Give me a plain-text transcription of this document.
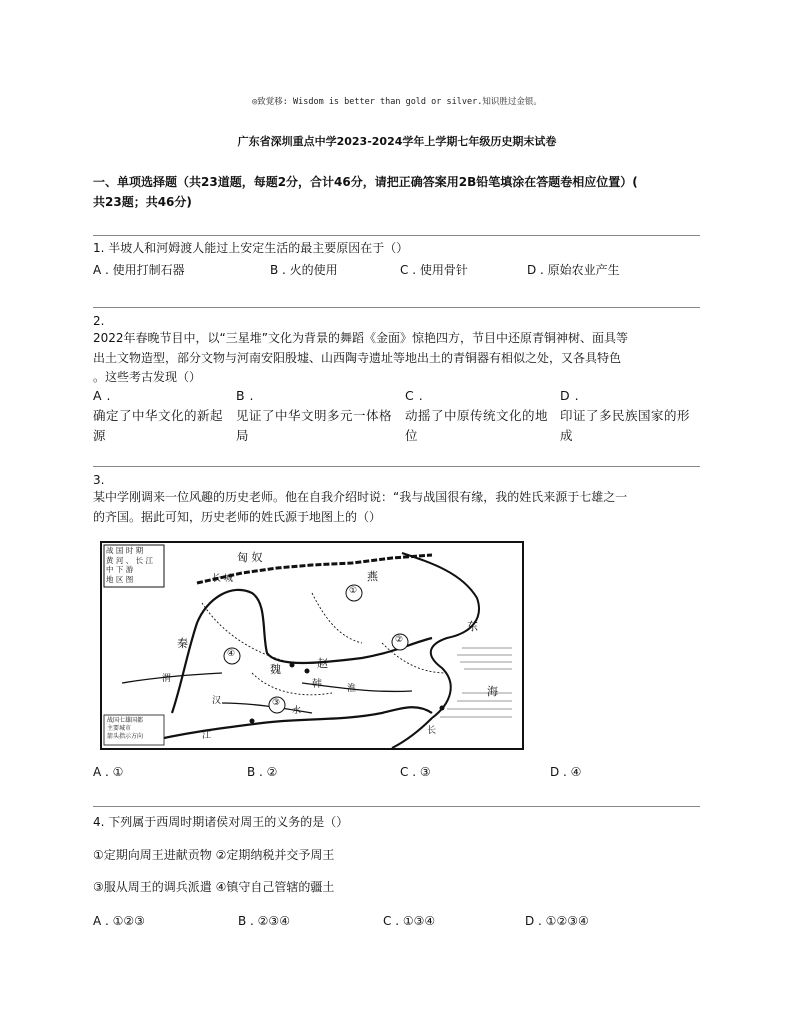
◎致覚移: Wisdom is better than gold or silver.知识胜过金银。
广东省深圳重点中学2023-2024学年上学期七年级历史期末试卷
一、单项选择题（共23道题，每题2分，合计46分，请把正确答案用2B铅笔填涂在答题卷相应位置）(
共23题；共46分)
1. 半坡人和河姆渡人能过上安定生活的最主要原因在于（）
A . 使用打制石器	B . 火的使用	C . 使用骨针	D . 原始农业产生
2.
2022年春晚节目中，以“三星堆”文化为背景的舞蹈《金面》惊艳四方，节目中还原青铜神树、面具等
出土文物造型，部分文物与河南安阳殷墟、山西陶寺遗址等地出土的青铜器有相似之处，又各具特色
。这些考古发现（）
A .
确定了中华文化的新起
源
B .
见证了中华文明多元一体格
局
C .
动摇了中原传统文化的地
位
D .
印证了多民族国家的形
成
3.
某中学刚调来一位风趣的历史老师。他在自我介绍时说：“我与战国很有缘，我的姓氏来源于七雄之一
的齐国。据此可知，历史老师的姓氏源于地图上的（）
战 国 时 期
黄 河 、 长 江
中 下 游
地 区 图
匈 奴
燕
长 城
赵
魏
韩
秦
东
海
汉
水
江
淮
渭
长
①
②
③
④
战国七雄国都
主要城市
箭头指示方向
A . ①	B . ②	C . ③	D . ④
4. 下列属于西周时期诸侯对周王的义务的是（）
①定期向周王进献贡物 ②定期纳税并交予周王
③服从周王的调兵派遣 ④镇守自己管辖的疆土
A . ①②③	B . ②③④	C . ①③④	D . ①②③④
